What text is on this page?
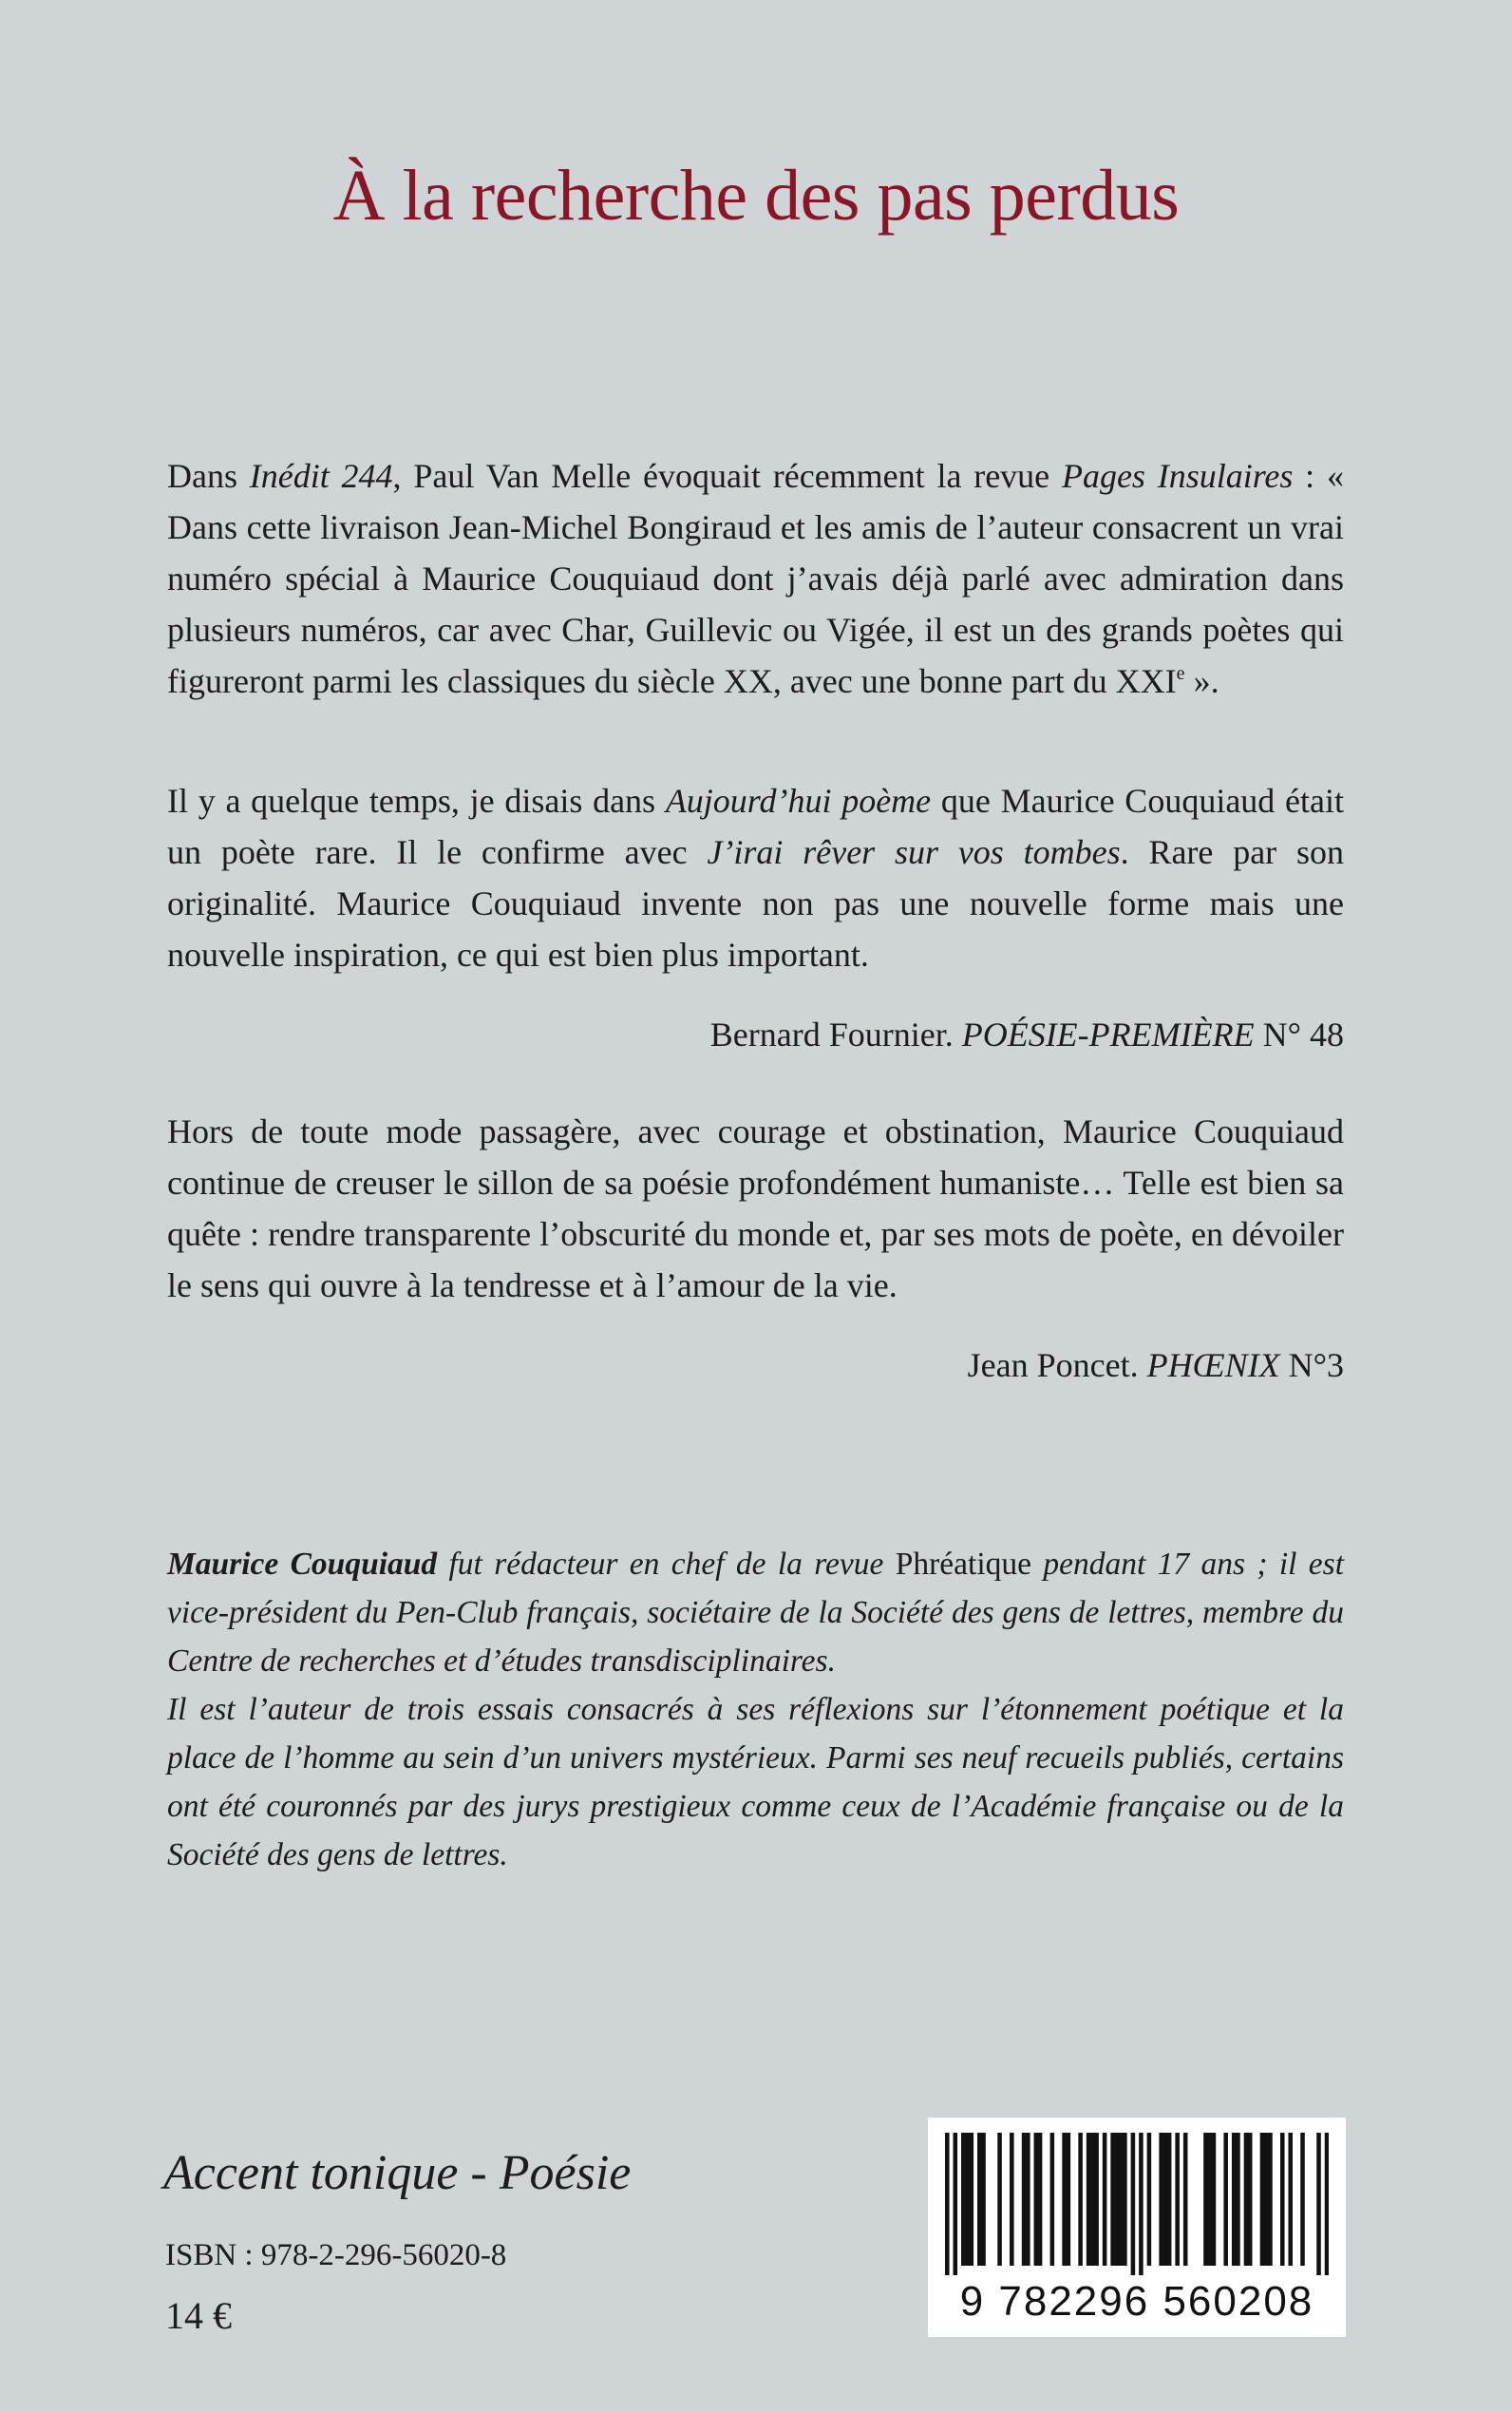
À la recherche des pas perdus

Dans Inédit 244, Paul Van Melle évoquait récemment la revue Pages Insulaires : « Dans cette livraison Jean-Michel Bongiraud et les amis de l’auteur consacrent un vrai numéro spécial à Maurice Couquiaud dont j’avais déjà parlé avec admiration dans plusieurs numéros, car avec Char, Guillevic ou Vigée, il est un des grands poètes qui figureront parmi les classiques du siècle XX, avec une bonne part du XXIe ».

Il y a quelque temps, je disais dans Aujourd’hui poème que Maurice Couquiaud était un poète rare. Il le confirme avec J’irai rêver sur vos tombes. Rare par son originalité. Maurice Couquiaud invente non pas une nouvelle forme mais une nouvelle inspiration, ce qui est bien plus important.

Bernard Fournier. POÉSIE-PREMIÈRE N° 48

Hors de toute mode passagère, avec courage et obstination, Maurice Couquiaud continue de creuser le sillon de sa poésie profondément humaniste… Telle est bien sa quête : rendre transparente l’obscurité du monde et, par ses mots de poète, en dévoiler le sens qui ouvre à la tendresse et à l’amour de la vie.

Jean Poncet. PHŒNIX N°3

Maurice Couquiaud fut rédacteur en chef de la revue Phréatique pendant 17 ans ; il est vice-président du Pen-Club français, sociétaire de la Société des gens de lettres, membre du Centre de recherches et d’études transdisciplinaires.
Il est l’auteur de trois essais consacrés à ses réflexions sur l’étonnement poétique et la place de l’homme au sein d’un univers mystérieux. Parmi ses neuf recueils publiés, certains ont été couronnés par des jurys prestigieux comme ceux de l’Académie française ou de la Société des gens de lettres.
Accent tonique - Poésie
ISBN : 978-2-296-56020-8
14 €	9 782296 560208
